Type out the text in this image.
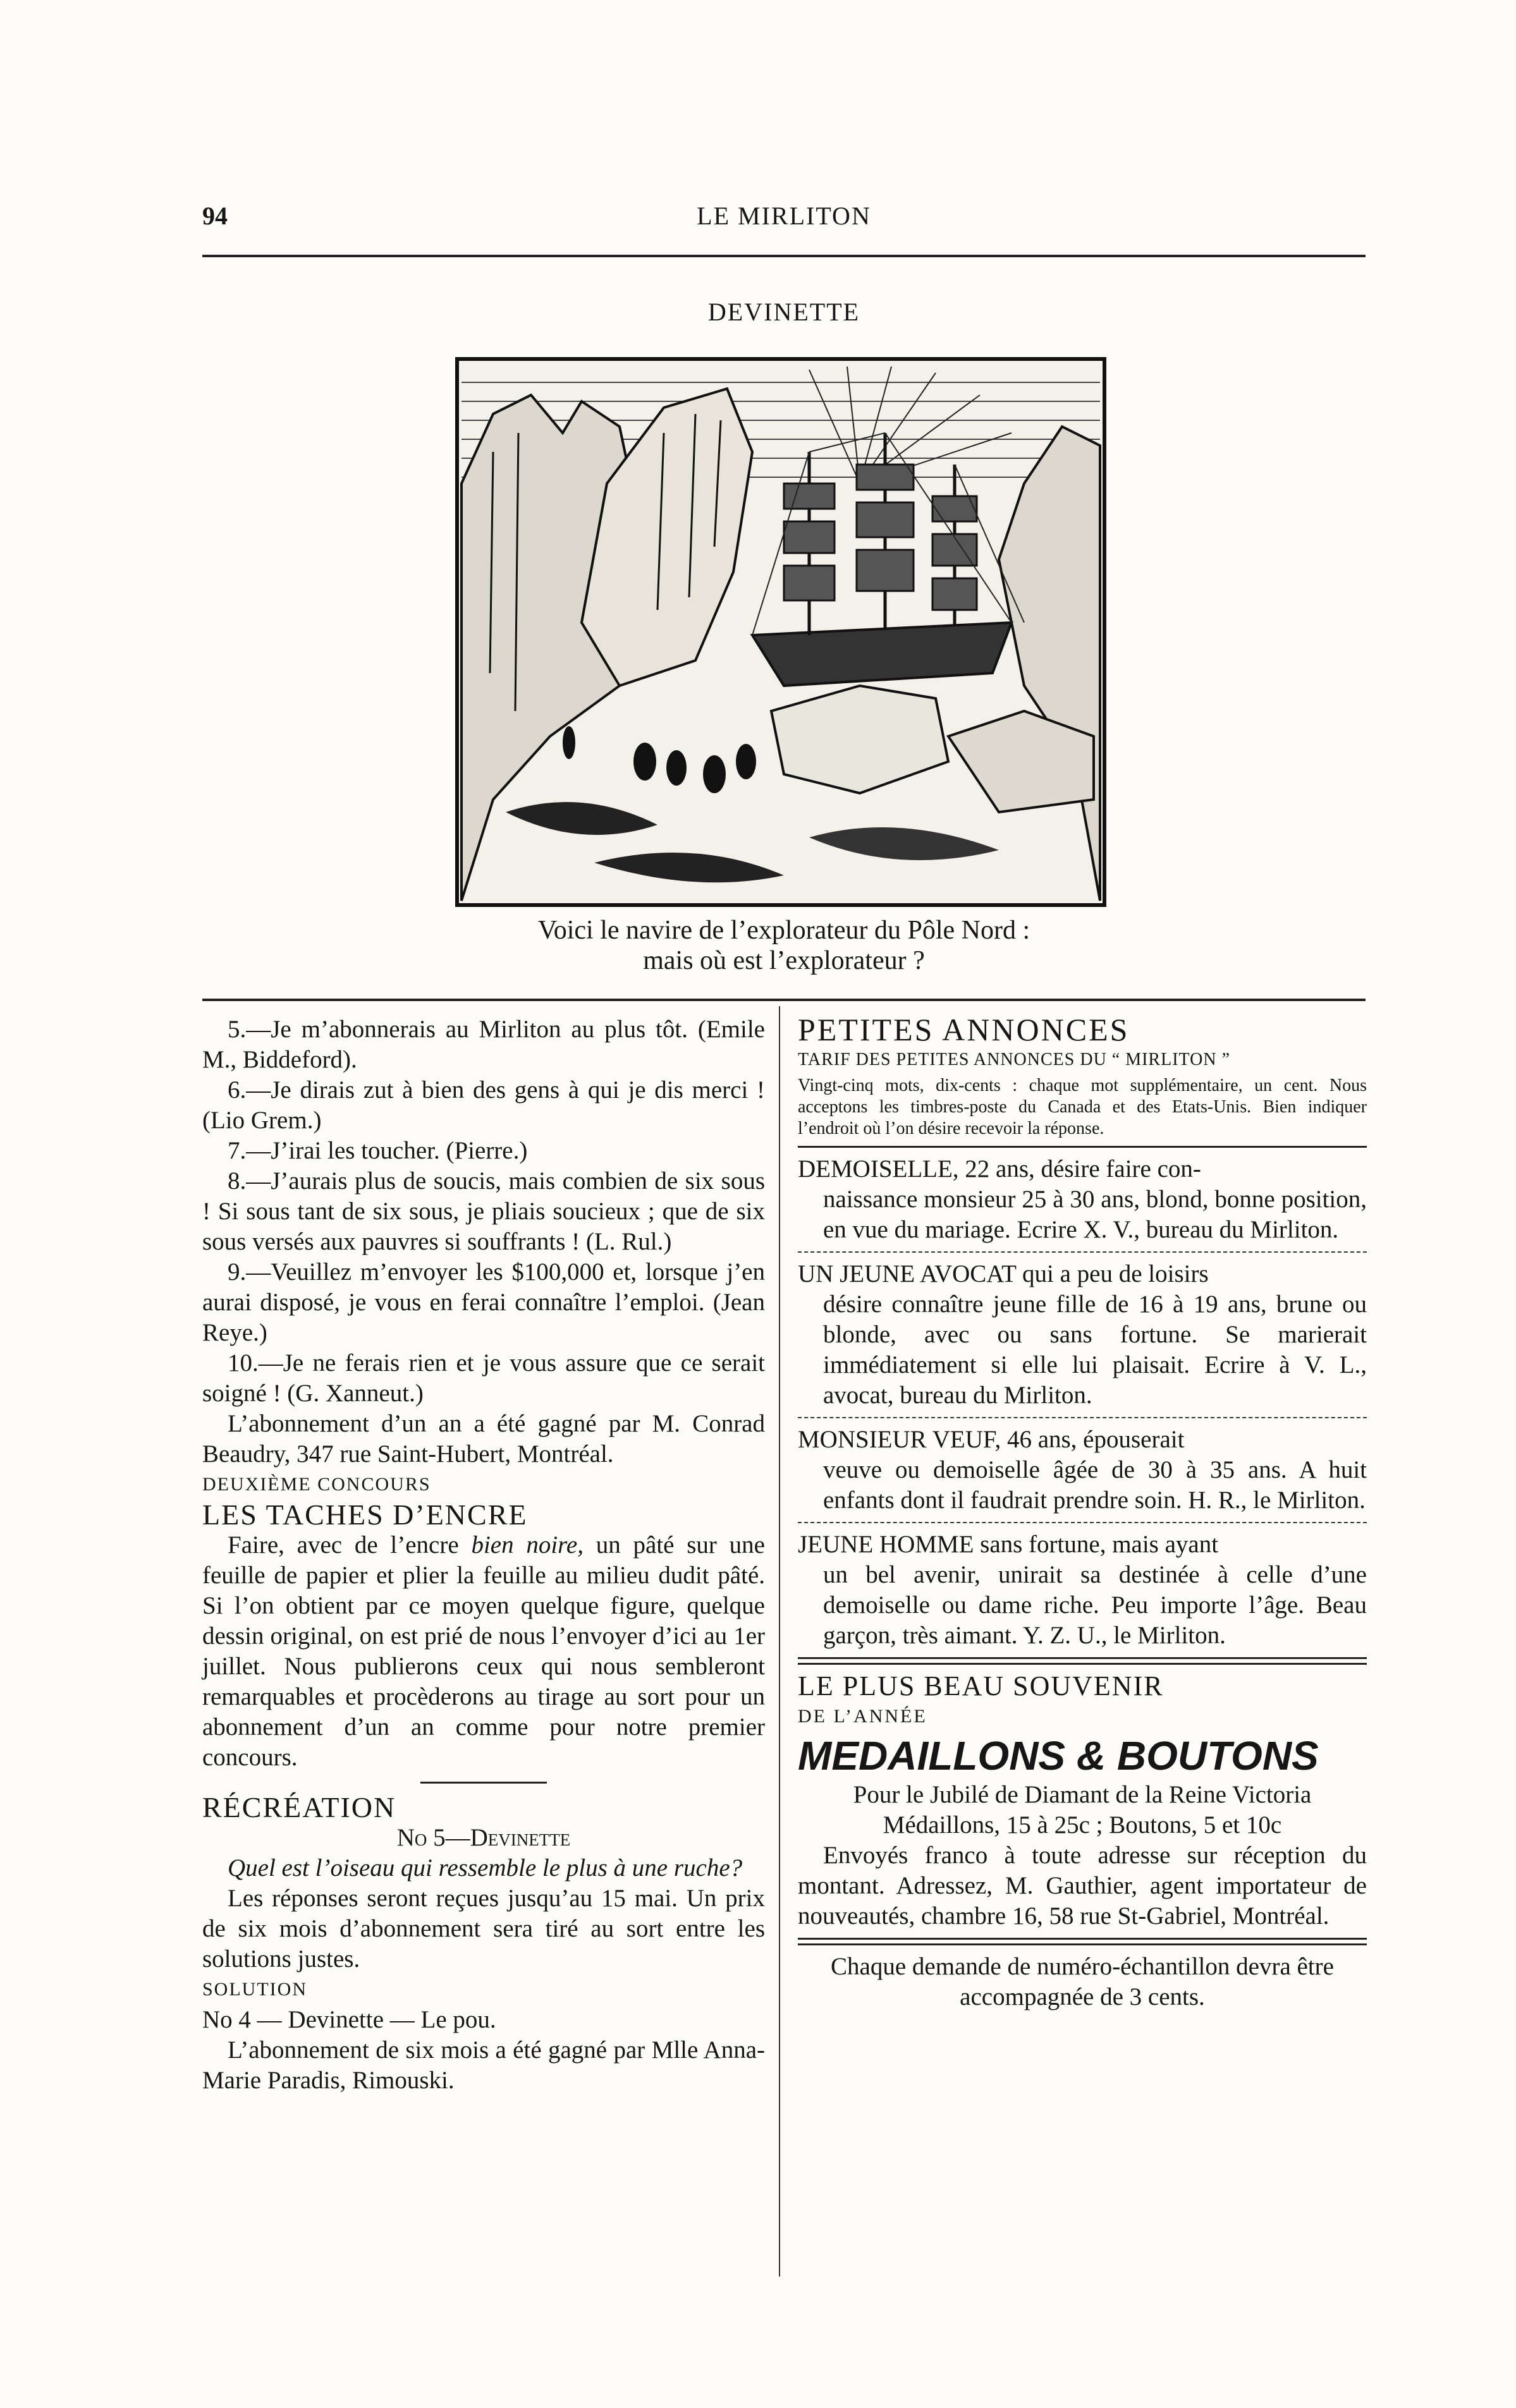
94	LE MIRLITON
DEVINETTE
Voici le navire de l’explorateur du Pôle Nord :
mais où est l’explorateur ?

5.—Je m’abonnerais au Mirliton au plus tôt. (Emile M., Biddeford).

6.—Je dirais zut à bien des gens à qui je dis merci ! (Lio Grem.)

7.—J’irai les toucher. (Pierre.)

8.—J’aurais plus de soucis, mais combien de six sous ! Si sous tant de six sous, je pliais soucieux ; que de six sous versés aux pauvres si souffrants ! (L. Rul.)

9.—Veuillez m’envoyer les $100,000 et, lorsque j’en aurai disposé, je vous en ferai connaître l’emploi. (Jean Reye.)

10.—Je ne ferais rien et je vous assure que ce serait soigné ! (G. Xanneut.)

L’abonnement d’un an a été gagné par M. Conrad Beaudry, 347 rue Saint-Hubert, Montréal.

DEUXIÈME CONCOURS

LES TACHES D’ENCRE

Faire, avec de l’encre bien noire, un pâté sur une feuille de papier et plier la feuille au milieu dudit pâté. Si l’on obtient par ce moyen quelque figure, quelque dessin original, on est prié de nous l’envoyer d’ici au 1er juillet. Nous publierons ceux qui nous sembleront remarquables et procèderons au tirage au sort pour un abonnement d’un an comme pour notre premier concours.

RÉCRÉATION

No 5—Devinette

Quel est l’oiseau qui ressemble le plus à une ruche?

Les réponses seront reçues jusqu’au 15 mai. Un prix de six mois d’abonnement sera tiré au sort entre les solutions justes.

SOLUTION

No 4 — Devinette — Le pou.

L’abonnement de six mois a été gagné par Mlle Anna-Marie Paradis, Rimouski.

PETITES ANNONCES

TARIF DES PETITES ANNONCES DU “ MIRLITON ”

Vingt-cinq mots, dix-cents : chaque mot supplémentaire, un cent. Nous acceptons les timbres-poste du Canada et des Etats-Unis. Bien indiquer l’endroit où l’on désire recevoir la réponse.

DEMOISELLE, 22 ans, désire faire con-

naissance monsieur 25 à 30 ans, blond, bonne position, en vue du mariage. Ecrire X. V., bureau du Mirliton.

UN JEUNE AVOCAT qui a peu de loisirs

désire connaître jeune fille de 16 à 19 ans, brune ou blonde, avec ou sans fortune. Se marierait immédiatement si elle lui plaisait. Ecrire à V. L., avocat, bureau du Mirliton.

MONSIEUR VEUF, 46 ans, épouserait

veuve ou demoiselle âgée de 30 à 35 ans. A huit enfants dont il faudrait prendre soin. H. R., le Mirliton.

JEUNE HOMME sans fortune, mais ayant

un bel avenir, unirait sa destinée à celle d’une demoiselle ou dame riche. Peu importe l’âge. Beau garçon, très aimant. Y. Z. U., le Mirliton.

LE PLUS BEAU SOUVENIR

DE L’ANNÉE

MEDAILLONS & BOUTONS

Pour le Jubilé de Diamant de la Reine Victoria

Médaillons, 15 à 25c ; Boutons, 5 et 10c

Envoyés franco à toute adresse sur réception du montant. Adressez, M. Gauthier, agent importateur de nouveautés, chambre 16, 58 rue St-Gabriel, Montréal.

Chaque demande de numéro-échantillon devra être accompagnée de 3 cents.
